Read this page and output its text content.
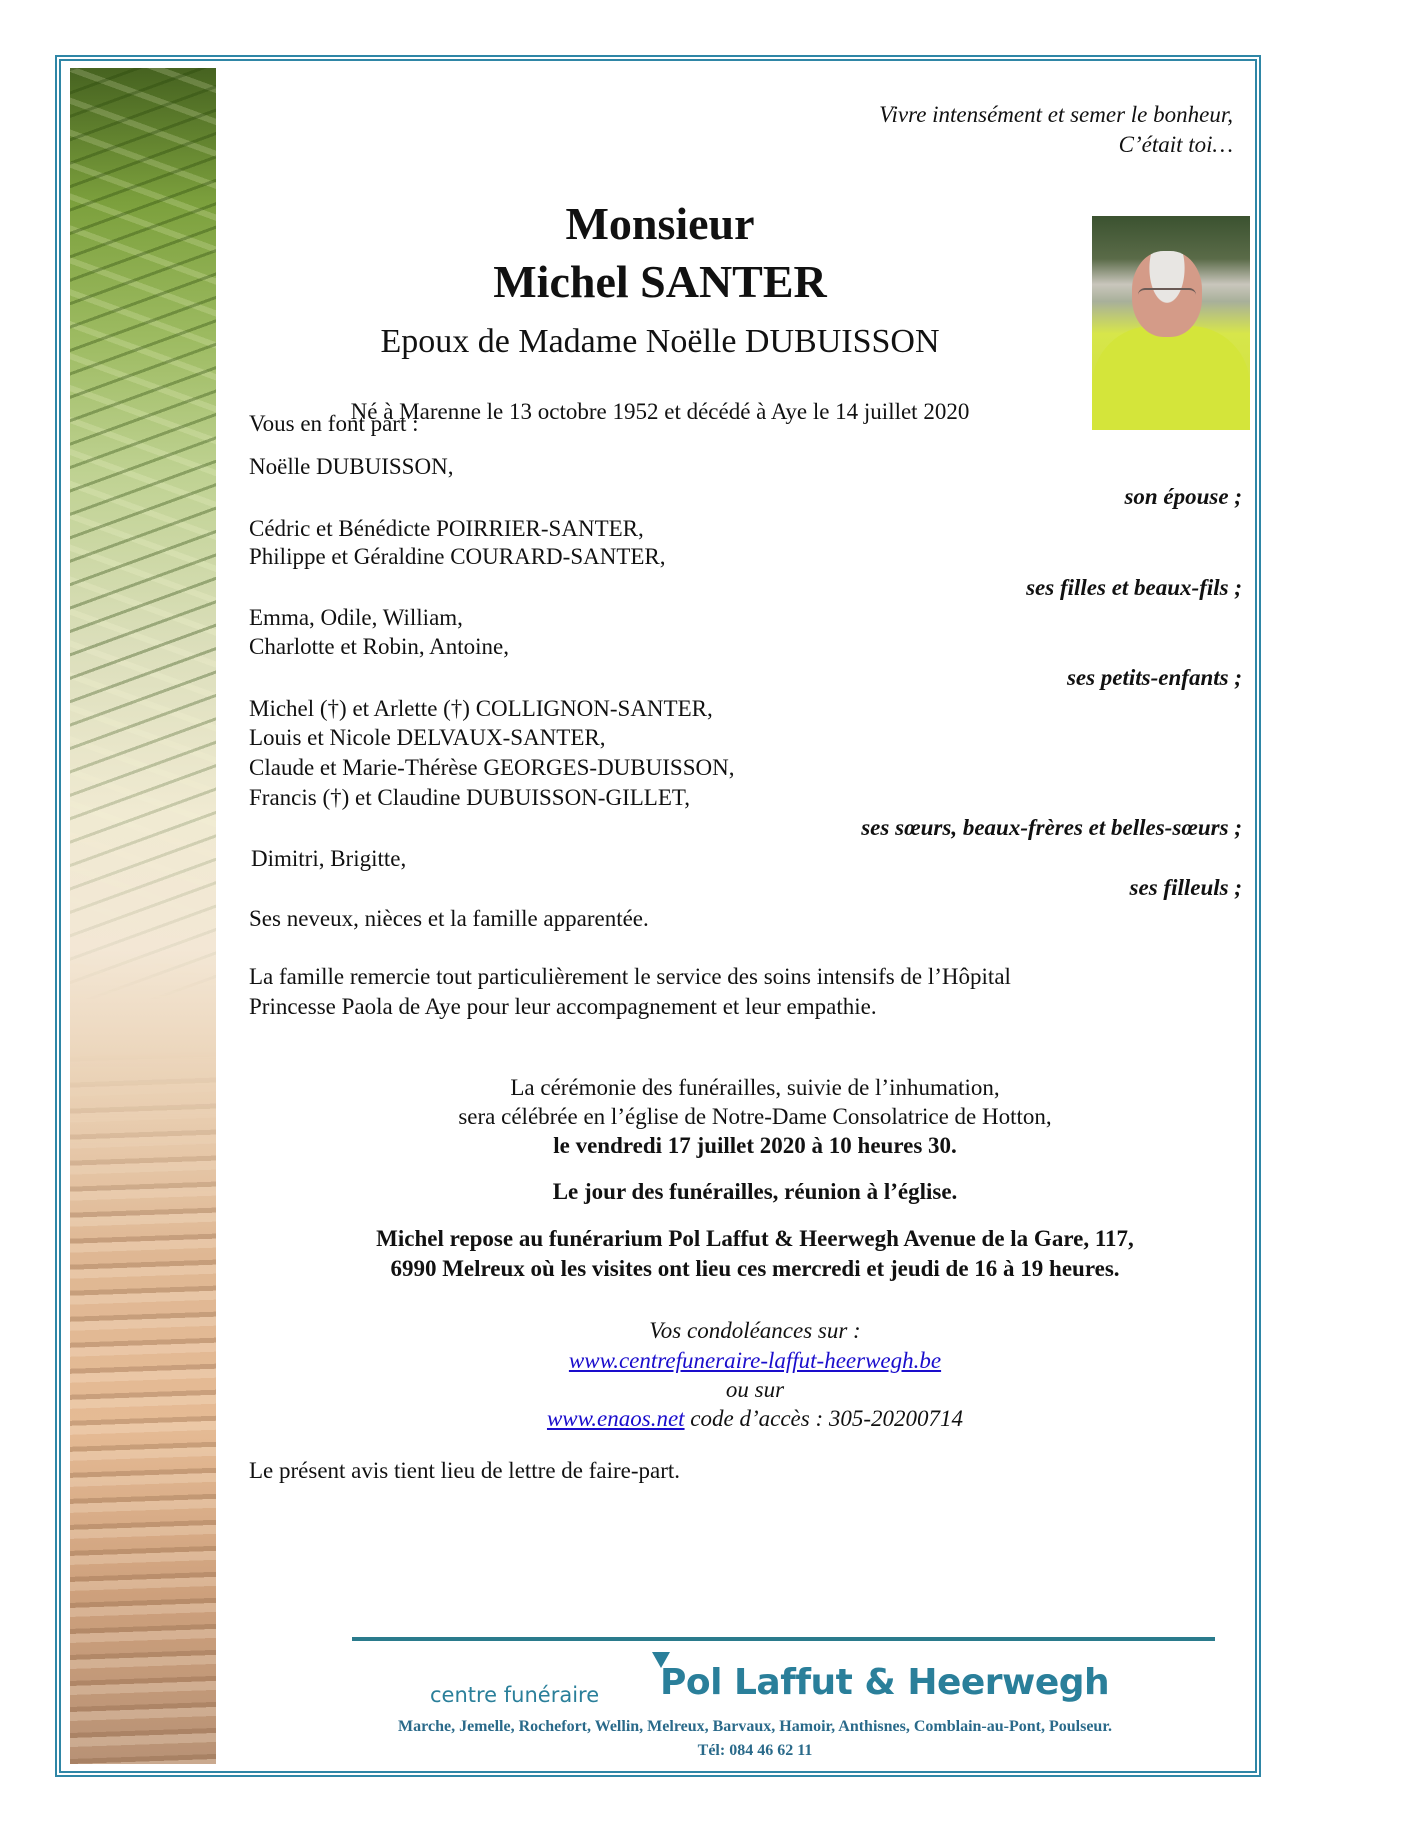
Vivre intensément et semer le bonheur,
C’était toi…
Monsieur
Michel SANTER
Epoux de Madame Noëlle DUBUISSON
Né à Marenne le 13 octobre 1952 et décédé à Aye le 14 juillet 2020
Vous en font part :
Noëlle DUBUISSON,
son épouse ;
Cédric et Bénédicte POIRRIER-SANTER,
Philippe et Géraldine COURARD-SANTER,
ses filles et beaux-fils ;
Emma, Odile, William,
Charlotte et Robin, Antoine,
ses petits-enfants ;
Michel (†) et Arlette (†) COLLIGNON-SANTER,
Louis et Nicole DELVAUX-SANTER,
Claude et Marie-Thérèse GEORGES-DUBUISSON,
Francis (†) et Claudine DUBUISSON-GILLET,
ses sœurs, beaux-frères et belles-sœurs ;
Dimitri, Brigitte,
ses filleuls ;
Ses neveux, nièces et la famille apparentée.
La famille remercie tout particulièrement le service des soins intensifs de l’Hôpital
Princesse Paola de Aye pour leur accompagnement et leur empathie.
La cérémonie des funérailles, suivie de l’inhumation,
sera célébrée en l’église de Notre-Dame Consolatrice de Hotton,
le vendredi 17 juillet 2020 à 10 heures 30.
Le jour des funérailles, réunion à l’église.
Michel repose au funérarium Pol Laffut & Heerwegh Avenue de la Gare, 117,
6990 Melreux où les visites ont lieu ces mercredi et jeudi de 16 à 19 heures.
Vos condoléances sur :
www.centrefuneraire-laffut-heerwegh.be
ou sur
www.enaos.net code d’accès : 305-20200714
Le présent avis tient lieu de lettre de faire-part.
centre funéraire Pol Laffut & Heerwegh
Marche, Jemelle, Rochefort, Wellin, Melreux, Barvaux, Hamoir, Anthisnes, Comblain-au-Pont, Poulseur.
Tél: 084 46 62 11
